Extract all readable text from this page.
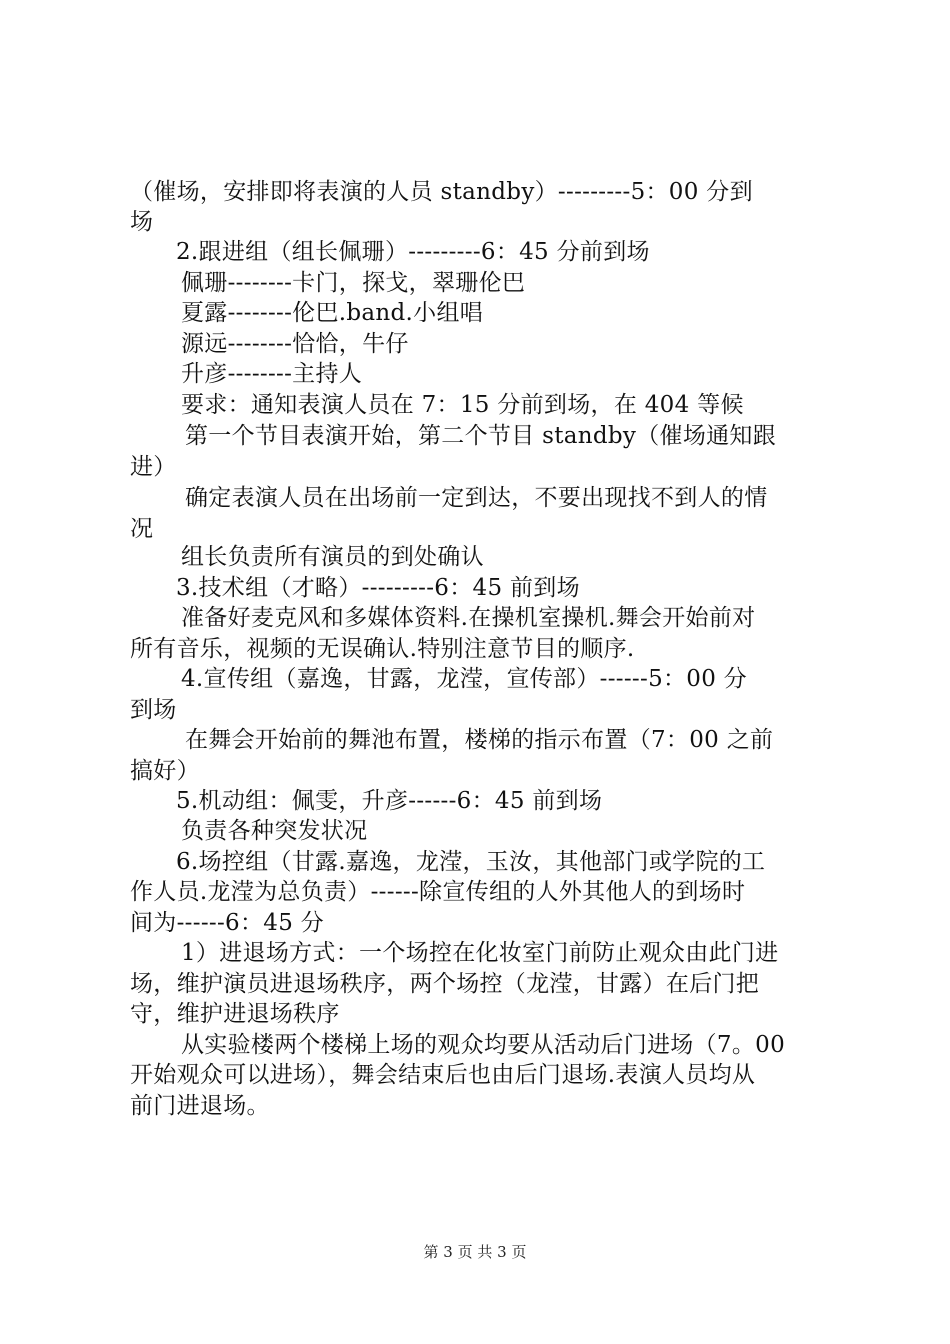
（催场，安排即将表演的人员 standby）---------5：00 分到
场
2.跟进组（组长佩珊）---------6：45 分前到场
佩珊--------卡门，探戈，翠珊伦巴
夏露--------伦巴.band.小组唱
源远--------恰恰，牛仔
升彦--------主持人
要求：通知表演人员在 7：15 分前到场，在 404 等候
第一个节目表演开始，第二个节目 standby（催场通知跟
进）
确定表演人员在出场前一定到达，不要出现找不到人的情
况
组长负责所有演员的到处确认
3.技术组（才略）---------6：45 前到场
准备好麦克风和多媒体资料.在操机室操机.舞会开始前对
所有音乐，视频的无误确认.特别注意节目的顺序.
4.宣传组（嘉逸，甘露，龙滢，宣传部）------5：00 分
到场
在舞会开始前的舞池布置，楼梯的指示布置（7：00 之前
搞好）
5.机动组：佩雯，升彦------6：45 前到场
负责各种突发状况
6.场控组（甘露.嘉逸，龙滢，玉汝，其他部门或学院的工
作人员.龙滢为总负责）------除宣传组的人外其他人的到场时
间为------6：45 分
1）进退场方式：一个场控在化妆室门前防止观众由此门进
场，维护演员进退场秩序，两个场控（龙滢，甘露）在后门把
守，维护进退场秩序
从实验楼两个楼梯上场的观众均要从活动后门进场（7。00
开始观众可以进场），舞会结束后也由后门退场.表演人员均从
前门进退场。
第 3 页 共 3 页
